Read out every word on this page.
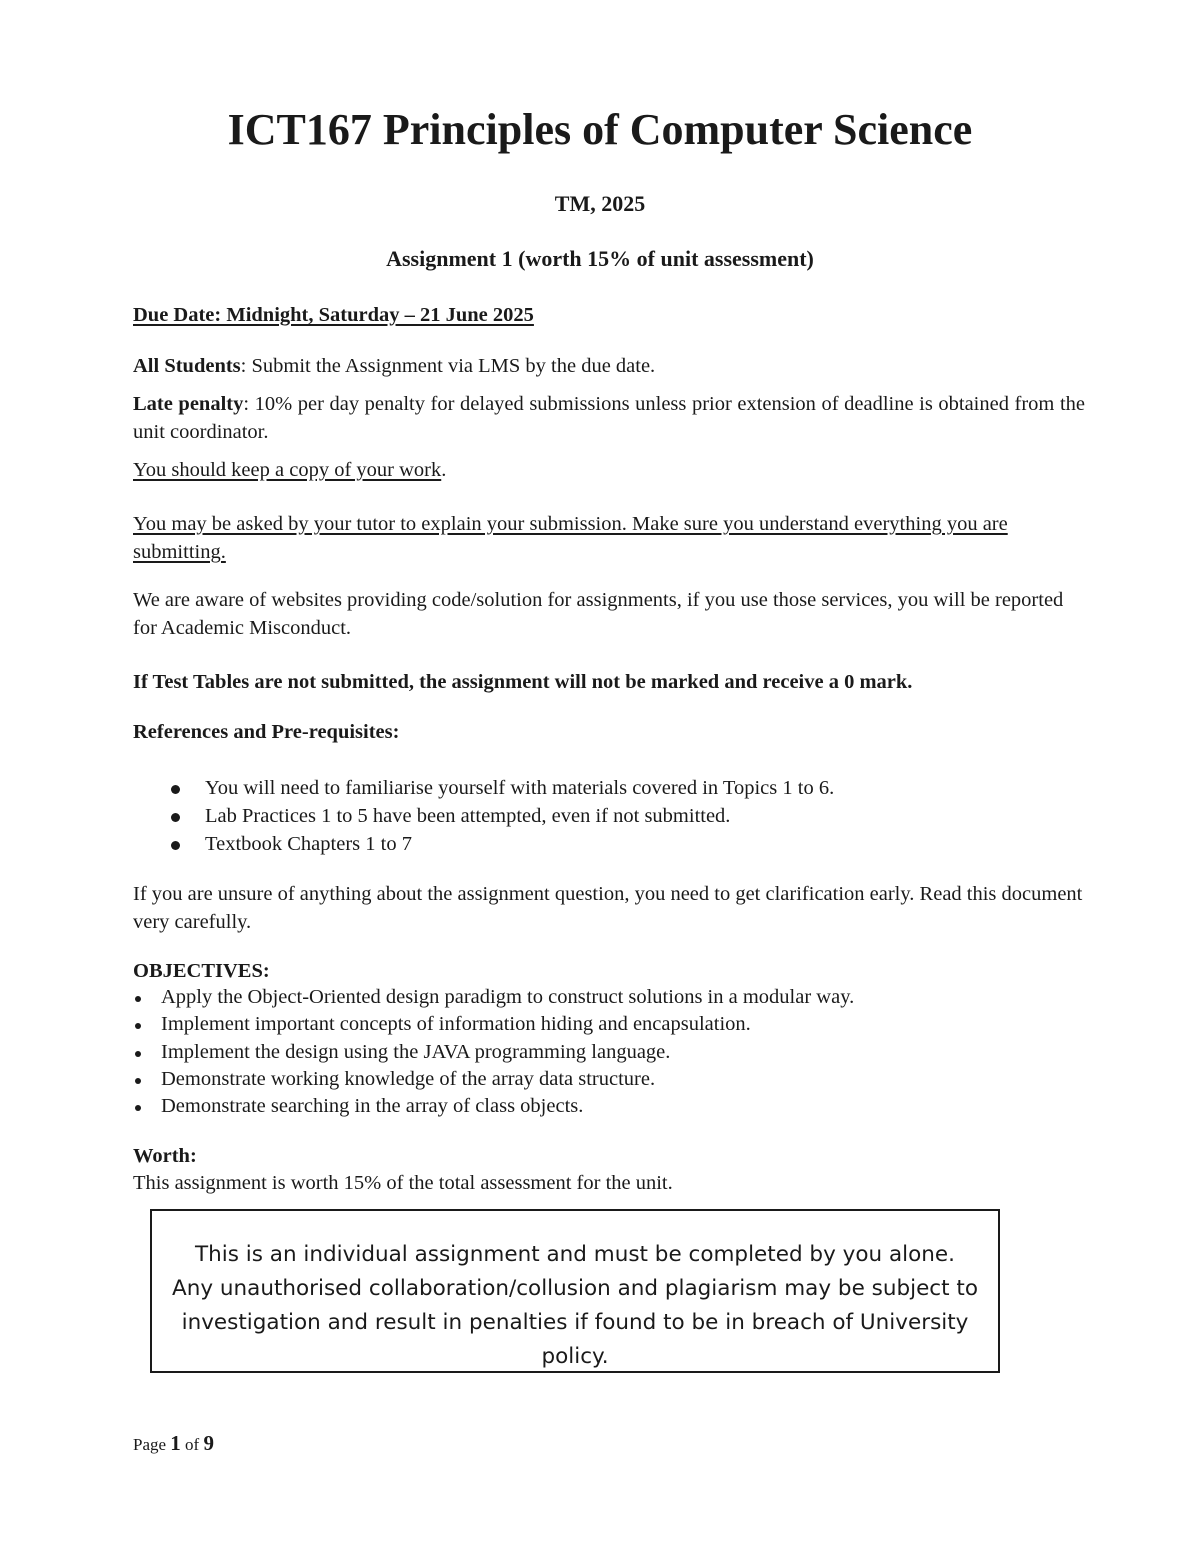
ICT167 Principles of Computer Science

TM, 2025

Assignment 1 (worth 15% of unit assessment)

Due Date: Midnight, Saturday – 21 June 2025

All Students: Submit the Assignment via LMS by the due date.

Late penalty: 10% per day penalty for delayed submissions unless prior extension of deadline is obtained from the unit coordinator.

You should keep a copy of your work.

You may be asked by your tutor to explain your submission. Make sure you understand everything you are submitting.

We are aware of websites providing code/solution for assignments, if you use those services, you will be reported for Academic Misconduct.

If Test Tables are not submitted, the assignment will not be marked and receive a 0 mark.

References and Pre-requisites:

You will need to familiarise yourself with materials covered in Topics 1 to 6.
Lab Practices 1 to 5 have been attempted, even if not submitted.
Textbook Chapters 1 to 7

If you are unsure of anything about the assignment question, you need to get clarification early. Read this document very carefully.

OBJECTIVES:

Apply the Object-Oriented design paradigm to construct solutions in a modular way.
Implement important concepts of information hiding and encapsulation.
Implement the design using the JAVA programming language.
Demonstrate working knowledge of the array data structure.
Demonstrate searching in the array of class objects.

Worth:

This assignment is worth 15% of the total assessment for the unit.

This is an individual assignment and must be completed by you alone. Any unauthorised collaboration/collusion and plagiarism may be subject to investigation and result in penalties if found to be in breach of University policy.

Page 1 of 9
